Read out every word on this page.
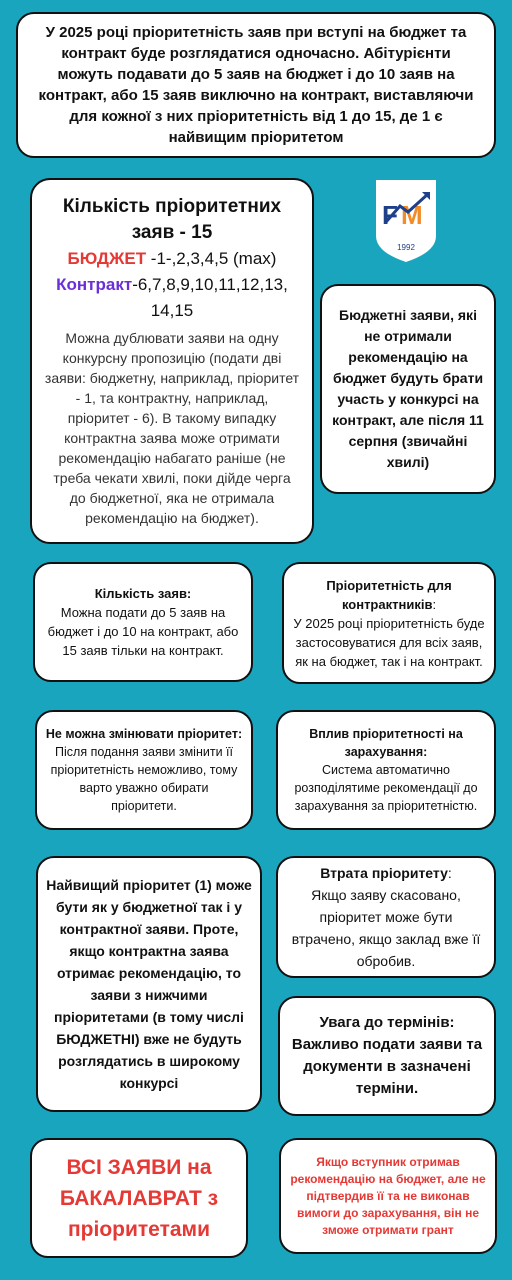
У 2025 році пріоритетність заяв при вступі на бюджет та контракт буде розглядатися одночасно. Абітурієнти можуть подавати до 5 заяв на бюджет і до 10 заяв на контракт, або 15 заяв виключно на контракт, виставляючи для кожної з них пріоритетність від 1 до 15, де 1 є найвищим пріоритетом

Кількість пріоритетних заяв - 15

БЮДЖЕТ -1-,2,3,4,5 (max)

Контракт-6,7,8,9,10,11,12,13, 14,15

Можна дублювати заяви на одну конкурсну пропозицію (подати дві заяви: бюджетну, наприклад, пріоритет - 1, та контрактну, наприклад, пріоритет - 6). В такому випадку контрактна заява може отримати рекомендацію набагато раніше (не треба чекати хвилі, поки дійде черга до бюджетної, яка не отримала рекомендацію на бюджет).

F M
1992

Бюджетні заяви, які не отримали рекомендацію на бюджет будуть брати участь у конкурсі на контракт, але після 11 серпня (звичайні хвилі)

Кількість заяв:

Можна подати до 5 заяв на бюджет і до 10 на контракт, або 15 заяв тільки на контракт.

Пріоритетність для контрактників:

У 2025 році пріоритетність буде застосовуватися для всіх заяв, як на бюджет, так і на контракт.

Не можна змінювати пріоритет:

Після подання заяви змінити її пріоритетність неможливо, тому варто уважно обирати пріоритети.

Вплив пріоритетності на зарахування:

Система автоматично розподілятиме рекомендації до зарахування за пріоритетністю.

Найвищий пріоритет (1) може бути як у бюджетної так і у контрактної заяви. Проте, якщо контрактна заява отримає рекомендацію, то заяви з нижчими пріоритетами (в тому числі БЮДЖЕТНІ) вже не будуть розглядатись в широкому конкурсі

Втрата пріоритету:

Якщо заяву скасовано, пріоритет може бути втрачено, якщо заклад вже її обробив.

Увага до термінів:

Важливо подати заяви та документи в зазначені терміни.

ВСІ ЗАЯВИ на БАКАЛАВРАТ з пріоритетами

Якщо вступник отримав рекомендацію на бюджет, але не підтвердив її та не виконав вимоги до зарахування, він не зможе отримати грант
